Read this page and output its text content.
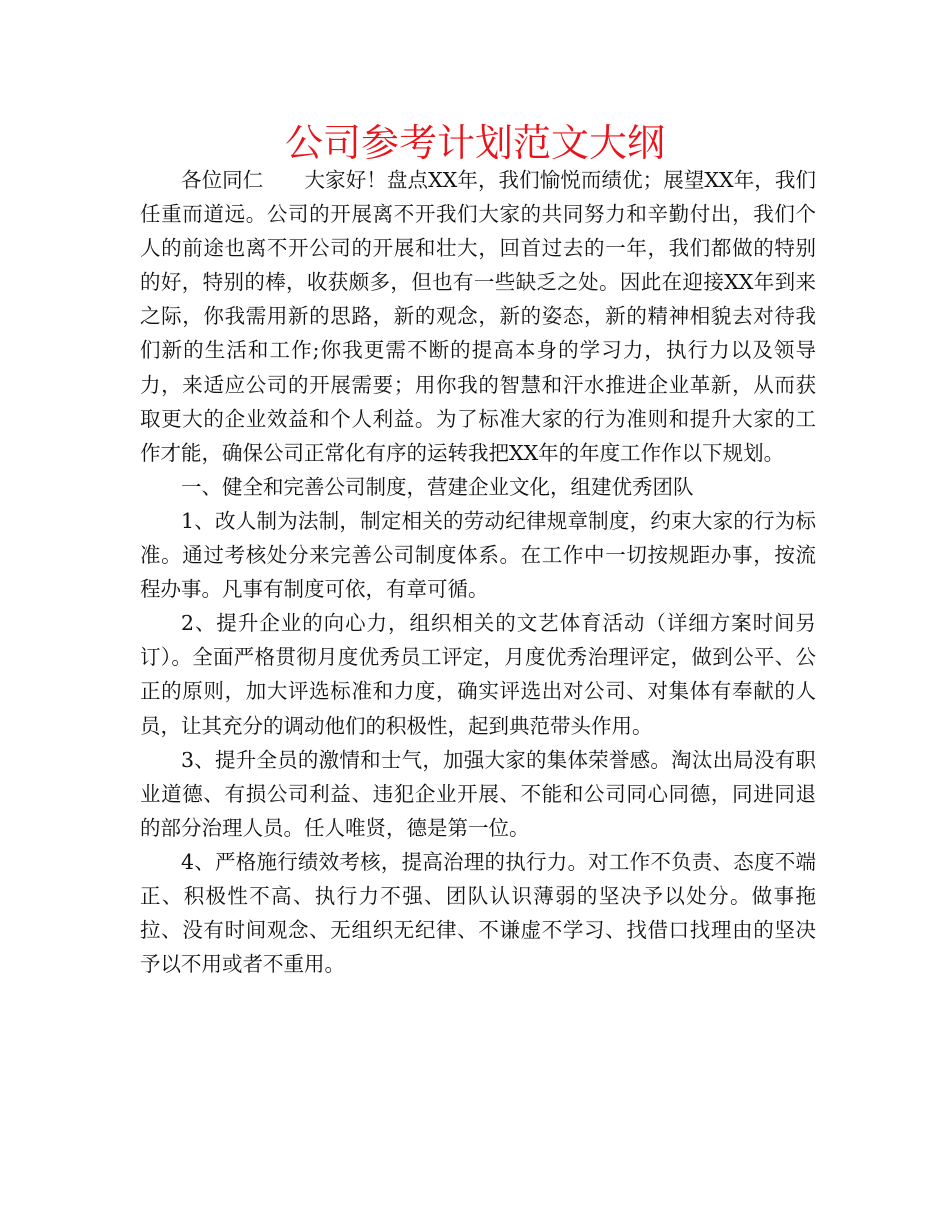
公司参考计划范文大纲

各位同仁　　大家好！盘点XX年，我们愉悦而绩优；展望XX年，我们任重而道远。公司的开展离不开我们大家的共同努力和辛勤付出，我们个人的前途也离不开公司的开展和壮大，回首过去的一年，我们都做的特别的好，特别的棒，收获颇多，但也有一些缺乏之处。因此在迎接XX年到来之际，你我需用新的思路，新的观念，新的姿态，新的精神相貌去对待我们新的生活和工作;你我更需不断的提高本身的学习力，执行力以及领导力，来适应公司的开展需要；用你我的智慧和汗水推进企业革新，从而获取更大的企业效益和个人利益。为了标准大家的行为准则和提升大家的工作才能，确保公司正常化有序的运转我把XX年的年度工作作以下规划。

一、健全和完善公司制度，营建企业文化，组建优秀团队

1、改人制为法制，制定相关的劳动纪律规章制度，约束大家的行为标准。通过考核处分来完善公司制度体系。在工作中一切按规距办事，按流程办事。凡事有制度可依，有章可循。

2、提升企业的向心力，组织相关的文艺体育活动（详细方案时间另订）。全面严格贯彻月度优秀员工评定，月度优秀治理评定，做到公平、公正的原则，加大评选标准和力度，确实评选出对公司、对集体有奉献的人员，让其充分的调动他们的积极性，起到典范带头作用。

3、提升全员的激情和士气，加强大家的集体荣誉感。淘汰出局没有职业道德、有损公司利益、违犯企业开展、不能和公司同心同德，同进同退的部分治理人员。任人唯贤，德是第一位。

4、严格施行绩效考核，提高治理的执行力。对工作不负责、态度不端正、积极性不高、执行力不强、团队认识薄弱的坚决予以处分。做事拖拉、没有时间观念、无组织无纪律、不谦虚不学习、找借口找理由的坚决予以不用或者不重用。
